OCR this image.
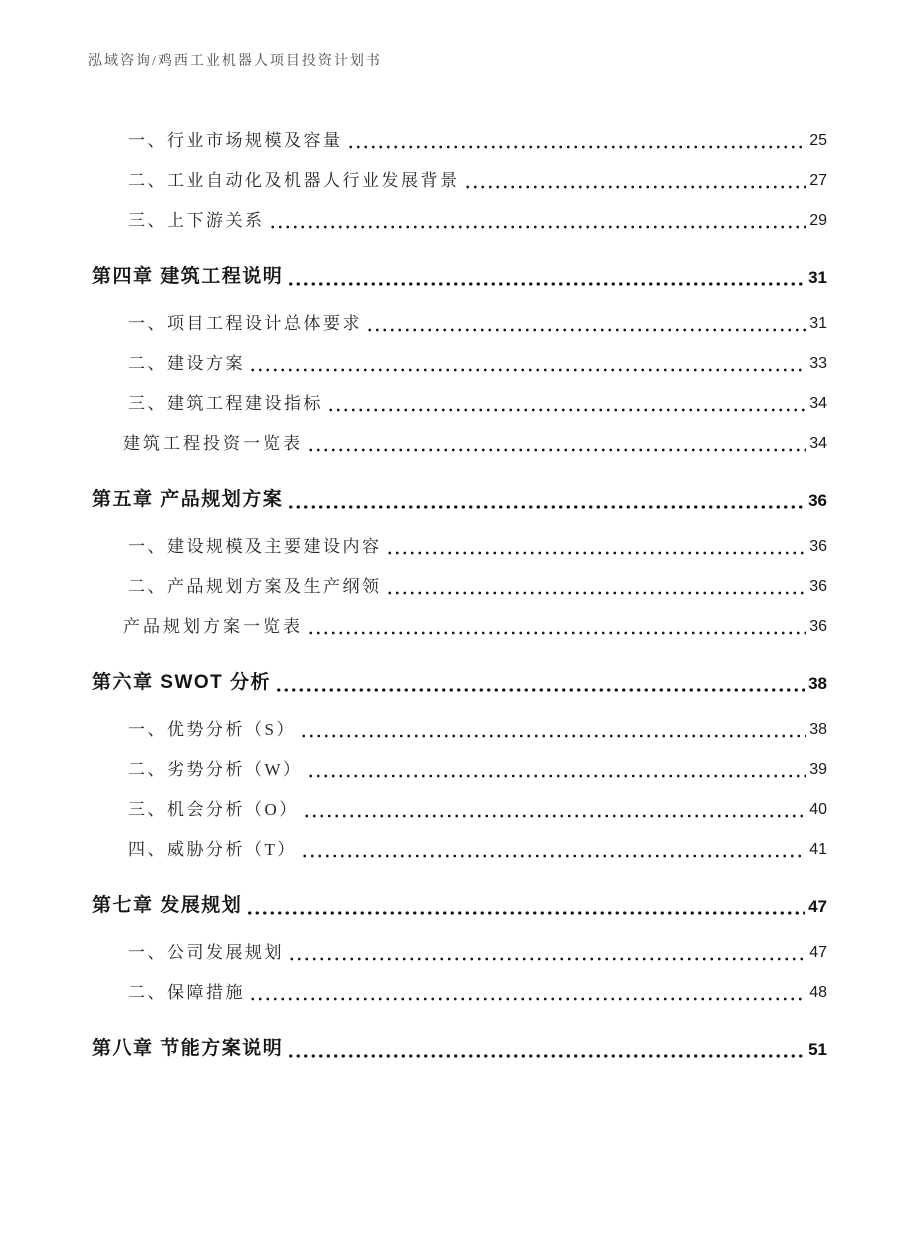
泓域咨询/鸡西工业机器人项目投资计划书
一、行业市场规模及容量	25
二、工业自动化及机器人行业发展背景	27
三、上下游关系	29
第四章 建筑工程说明	31
一、项目工程设计总体要求	31
二、建设方案	33
三、建筑工程建设指标	34
建筑工程投资一览表	34
第五章 产品规划方案	36
一、建设规模及主要建设内容	36
二、产品规划方案及生产纲领	36
产品规划方案一览表	36
第六章 SWOT 分析	38
一、优势分析（S）	38
二、劣势分析（W）	39
三、机会分析（O）	40
四、威胁分析（T）	41
第七章 发展规划	47
一、公司发展规划	47
二、保障措施	48
第八章 节能方案说明	51
